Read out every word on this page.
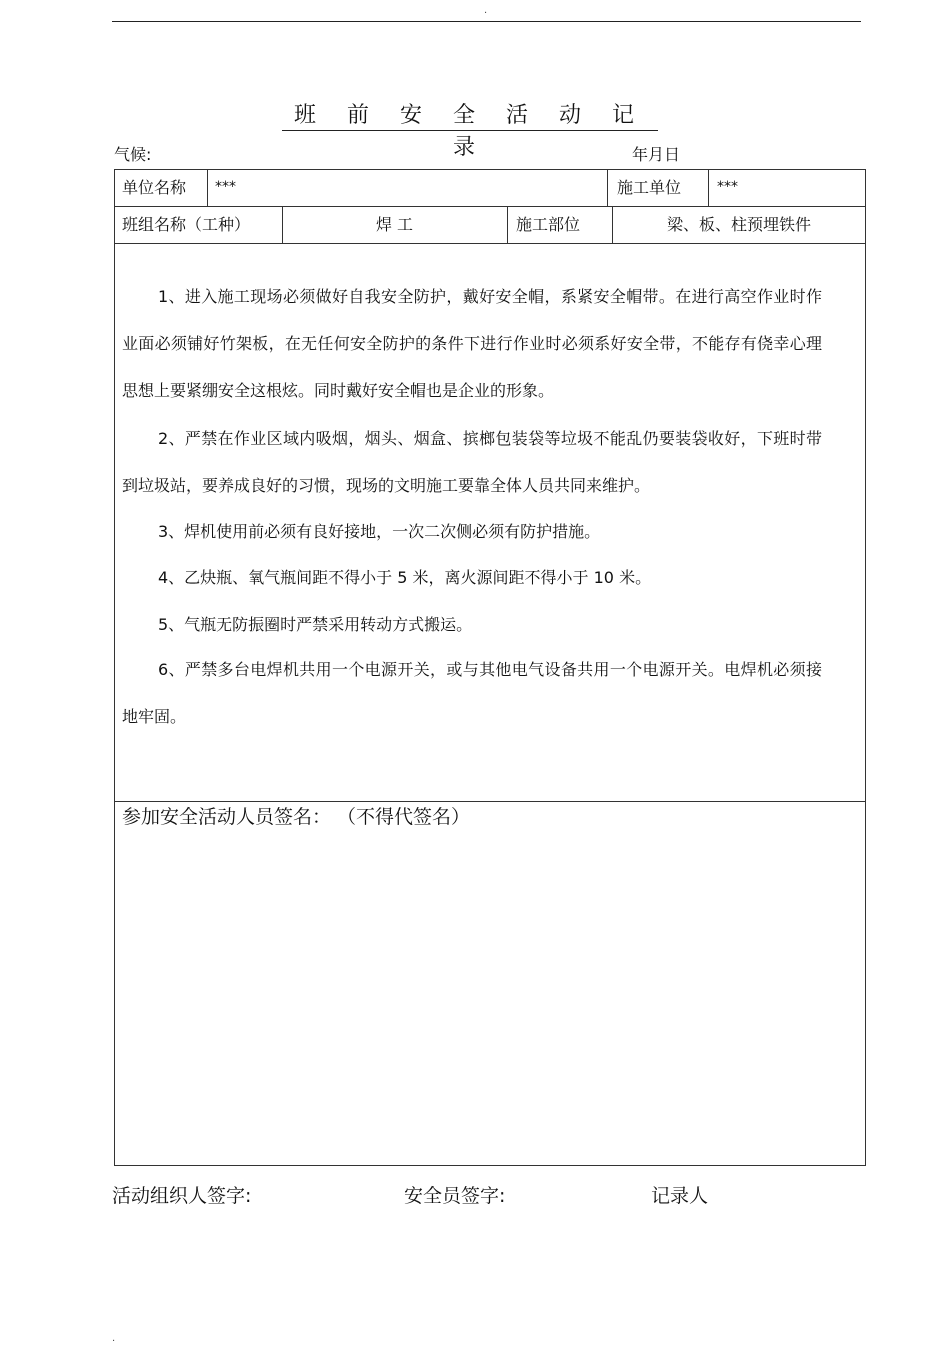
.
班 前 安 全 活 动 记 录
气候:	年月日
单位名称 ***	施工单位	***
班组名称（工种）	焊 工	施工部位	梁、板、柱预埋铁件
1、进入施工现场必须做好自我安全防护，戴好安全帽，系紧安全帽带。在进行高空作业时作业面必须铺好竹架板，在无任何安全防护的条件下进行作业时必须系好安全带，不能存有侥幸心理思想上要紧绷安全这根炫。同时戴好安全帽也是企业的形象。
2、严禁在作业区域内吸烟，烟头、烟盒、摈榔包装袋等垃圾不能乱仍要装袋收好，下班时带到垃圾站，要养成良好的习惯，现场的文明施工要靠全体人员共同来维护。
3、焊机使用前必须有良好接地，一次二次侧必须有防护措施。
4、乙炔瓶、氧气瓶间距不得小于 5 米，离火源间距不得小于 10 米。
5、气瓶无防振圈时严禁采用转动方式搬运。
6、严禁多台电焊机共用一个电源开关，或与其他电气设备共用一个电源开关。电焊机必须接地牢固。
参加安全活动人员签名： （不得代签名）
活动组织人签字:	安全员签字:	记录人
.
